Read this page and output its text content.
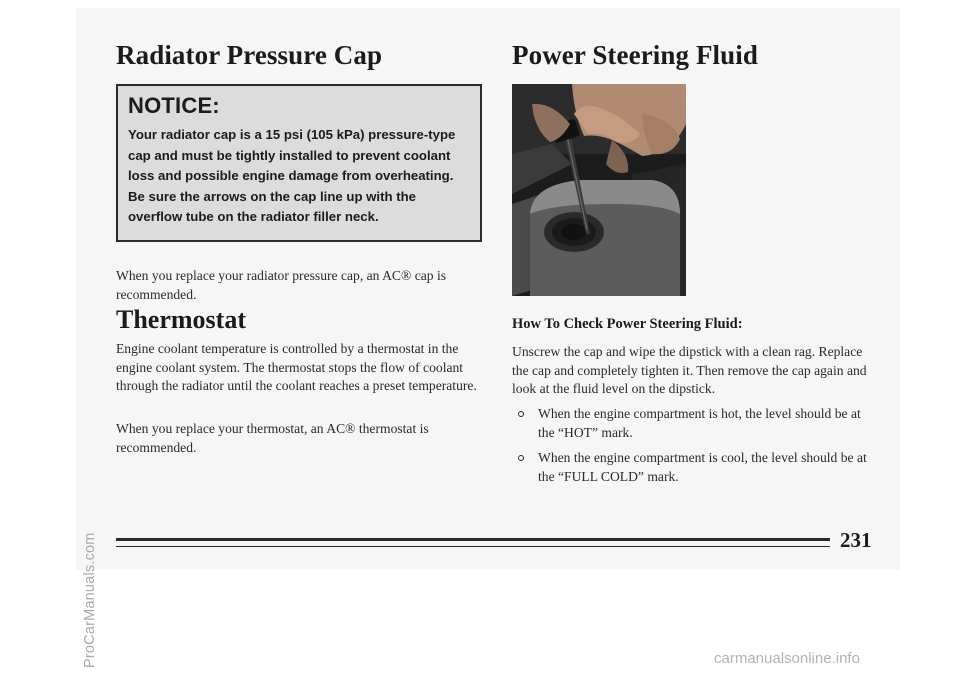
Radiator Pressure Cap
NOTICE:

Your radiator cap is a 15 psi (105 kPa) pressure-type cap and must be tightly installed to prevent coolant loss and possible engine damage from overheating. Be sure the arrows on the cap line up with the overflow tube on the radiator filler neck.

When you replace your radiator pressure cap, an AC® cap is recommended.

Thermostat

Engine coolant temperature is controlled by a thermostat in the engine coolant system. The thermostat stops the flow of coolant through the radiator until the coolant reaches a preset temperature.

When you replace your thermostat, an AC® thermostat is recommended.

Power Steering Fluid
How To Check Power Steering Fluid:

Unscrew the cap and wipe the dipstick with a clean rag. Replace the cap and completely tighten it. Then remove the cap again and look at the fluid level on the dipstick.

When the engine compartment is hot, the level should be at the “HOT” mark.
When the engine compartment is cool, the level should be at the “FULL COLD” mark.
231
ProCarManuals.com	carmanualsonline.info
